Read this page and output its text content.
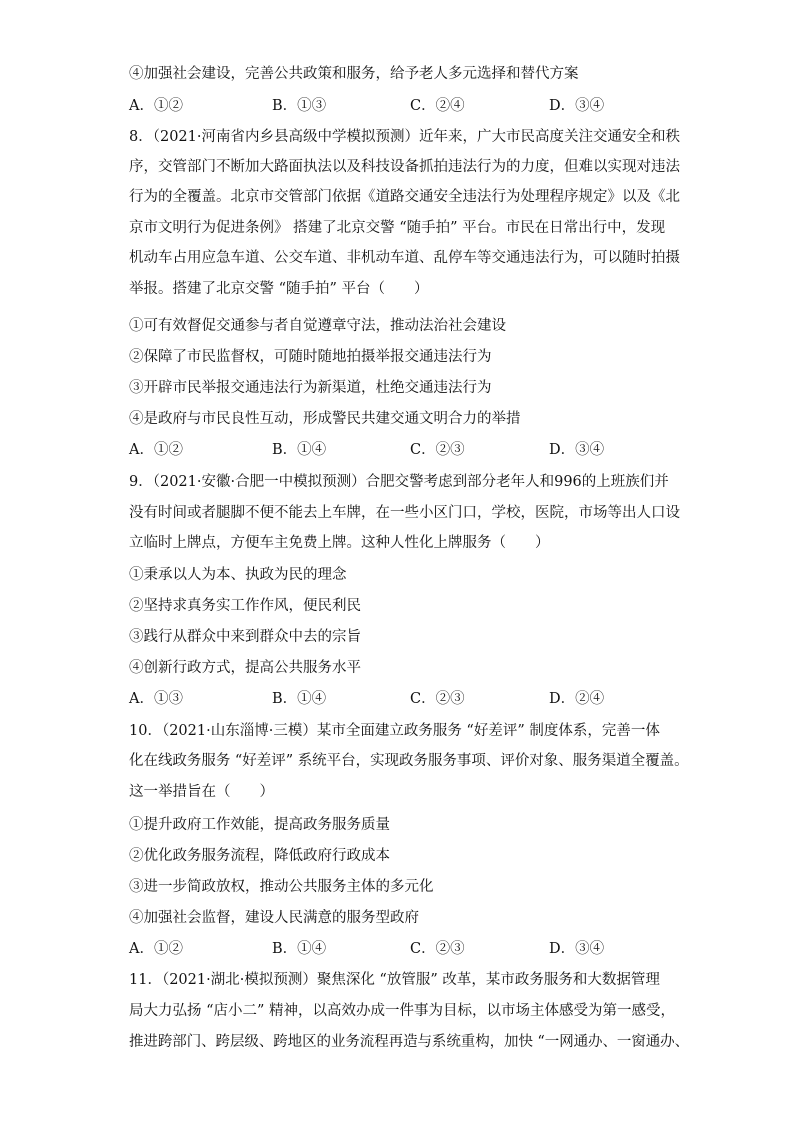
④加强社会建设，完善公共政策和服务，给予老人多元选择和替代方案
A．①②	B．①③	C．②④	D．③④
8．（2021·河南省内乡县高级中学模拟预测）近年来，广大市民高度关注交通安全和秩
序，交管部门不断加大路面执法以及科技设备抓拍违法行为的力度，但难以实现对违法
行为的全覆盖。北京市交管部门依据《道路交通安全违法行为处理程序规定》以及《北
京市文明行为促进条例》 搭建了北京交警 “随手拍” 平台。市民在日常出行中，发现
机动车占用应急车道、公交车道、非机动车道、乱停车等交通违法行为，可以随时拍摄
举报。搭建了北京交警 “随手拍” 平台（　　）
①可有效督促交通参与者自觉遵章守法，推动法治社会建设
②保障了市民监督权，可随时随地拍摄举报交通违法行为
③开辟市民举报交通违法行为新渠道，杜绝交通违法行为
④是政府与市民良性互动，形成警民共建交通文明合力的举措
A．①②	B．①④	C．②③	D．③④
9．（2021·安徽·合肥一中模拟预测）合肥交警考虑到部分老年人和996的上班族们并
没有时间或者腿脚不便不能去上车牌，在一些小区门口，学校，医院，市场等出人口设
立临时上牌点，方便车主免费上牌。这种人性化上牌服务（　　）
①秉承以人为本、执政为民的理念
②坚持求真务实工作作风，便民利民
③践行从群众中来到群众中去的宗旨
④创新行政方式，提高公共服务水平
A．①③	B．①④	C．②③	D．②④
10．（2021·山东淄博·三模）某市全面建立政务服务 “好差评” 制度体系，完善一体
化在线政务服务 “好差评” 系统平台，实现政务服务事项、评价对象、服务渠道全覆盖。
这一举措旨在（　　）
①提升政府工作效能，提高政务服务质量
②优化政务服务流程，降低政府行政成本
③进一步简政放权，推动公共服务主体的多元化
④加强社会监督，建设人民满意的服务型政府
A．①②	B．①④	C．②③	D．③④
11．（2021·湖北·模拟预测）聚焦深化 “放管服” 改革，某市政务服务和大数据管理
局大力弘扬 “店小二” 精神，以高效办成一件事为目标，以市场主体感受为第一感受，
推进跨部门、跨层级、跨地区的业务流程再造与系统重构，加快 “一网通办、一窗通办、
